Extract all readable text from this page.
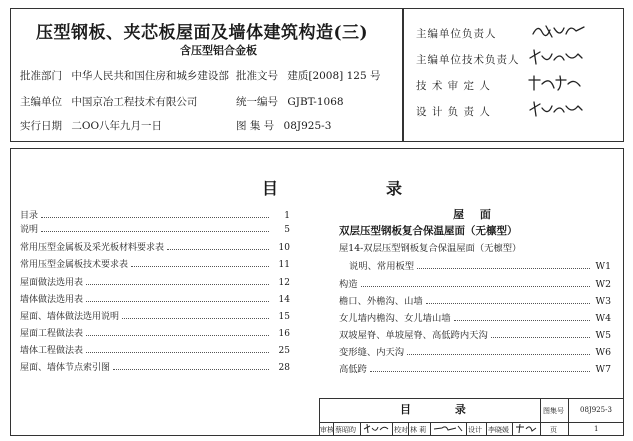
压型钢板、夹芯板屋面及墙体建筑构造(三)
含压型铝合金板
批准部门 中华人民共和国住房和城乡建设部 批准文号 建质[2008] 125 号
主编单位 中国京冶工程技术有限公司	统一编号 GJBT-1068
实行日期 二ОО八年九月一日	图 集 号 08J925-3
主编单位负责人
主编单位技术负责人
技 术 审 定 人
设 计 负 责 人
目	录
目录	1
说明	5
常用压型金属板及采光板材料要求表	10
常用压型金属板技术要求表	11
屋面做法选用表	12
墙体做法选用表	14
屋面、墙体做法选用说明	15
屋面工程做法表	16
墙体工程做法表	25
屋面、墙体节点索引图	28
屋 面
双层压型钢板复合保温屋面（无檩型）
屋14-双层压型钢板复合保温屋面（无檩型）
说明、常用板型	W1
构造	W2
檐口、外檐沟、山墙	W3
女儿墙内檐沟、女儿墙山墙	W4
双坡屋脊、单坡屋脊、高低跨内天沟	W5
变形缝、内天沟	W6
高低跨	W7
目 录	图集号 08J925-3
审核 蔡昭昀	校对 林 莉	设计 李晓媛	页	1
